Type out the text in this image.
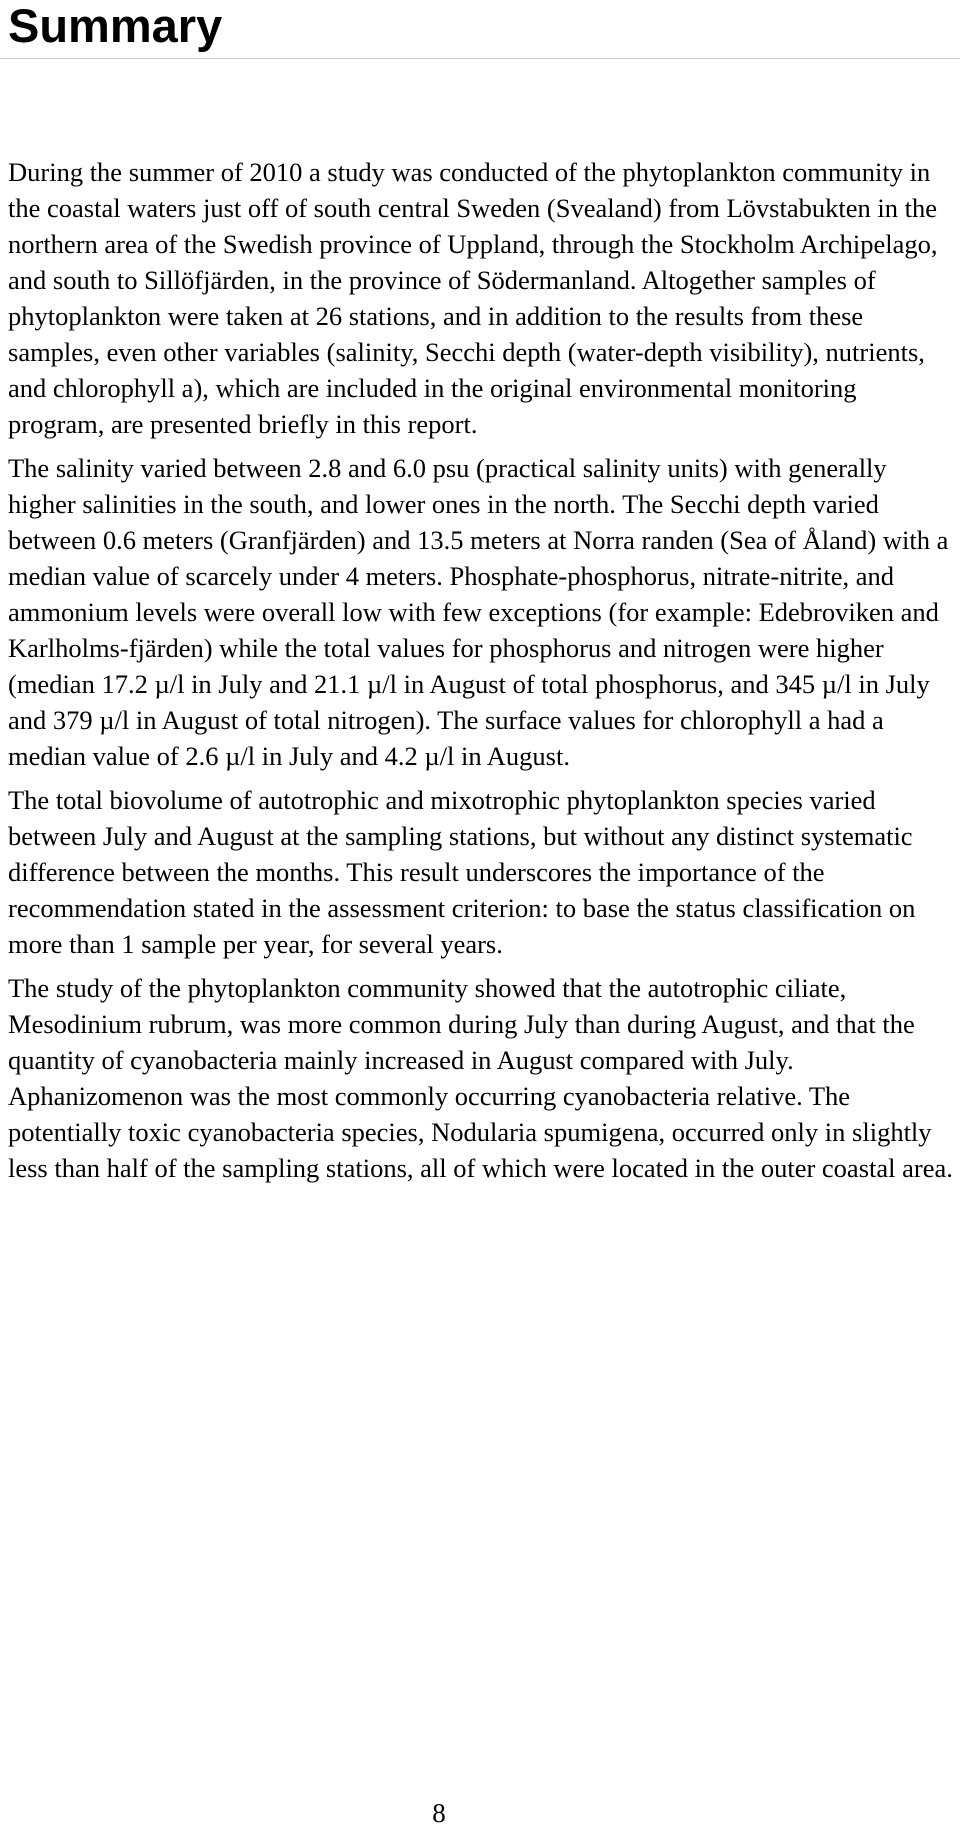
Summary

During the summer of 2010 a study was conducted of the phytoplankton community in the coastal waters just off of south central Sweden (Svealand) from Lövstabukten in the northern area of the Swedish province of Uppland, through the Stockholm Archipelago, and south to Sillöfjärden, in the province of Södermanland. Altogether samples of phytoplankton were taken at 26 stations, and in addition to the results from these samples, even other variables (salinity, Secchi depth (water-depth visibility), nutrients, and chlorophyll a), which are included in the original environmental monitoring program, are presented briefly in this report.

The salinity varied between 2.8 and 6.0 psu (practical salinity units) with generally higher salinities in the south, and lower ones in the north. The Secchi depth varied between 0.6 meters (Granfjärden) and 13.5 meters at Norra randen (Sea of Åland) with a median value of scarcely under 4 meters. Phosphate-phosphorus, nitrate-nitrite, and ammonium levels were overall low with few exceptions (for example: Edebroviken and Karlholms-fjärden) while the total values for phosphorus and nitrogen were higher (median 17.2 µ/l in July and 21.1 µ/l in August of total phosphorus, and 345 µ/l in July and 379 µ/l in August of total nitrogen). The surface values for chlorophyll a had a median value of 2.6 µ/l in July and 4.2 µ/l in August.

The total biovolume of autotrophic and mixotrophic phytoplankton species varied between July and August at the sampling stations, but without any distinct systematic difference between the months. This result underscores the importance of the recommendation stated in the assessment criterion: to base the status classification on more than 1 sample per year, for several years.

The study of the phytoplankton community showed that the autotrophic ciliate, Mesodinium rubrum, was more common during July than during August, and that the quantity of cyanobacteria mainly increased in August compared with July. Aphanizomenon was the most commonly occurring cyanobacteria relative. The potentially toxic cyanobacteria species, Nodularia spumigena, occurred only in slightly less than half of the sampling stations, all of which were located in the outer coastal area.

8
